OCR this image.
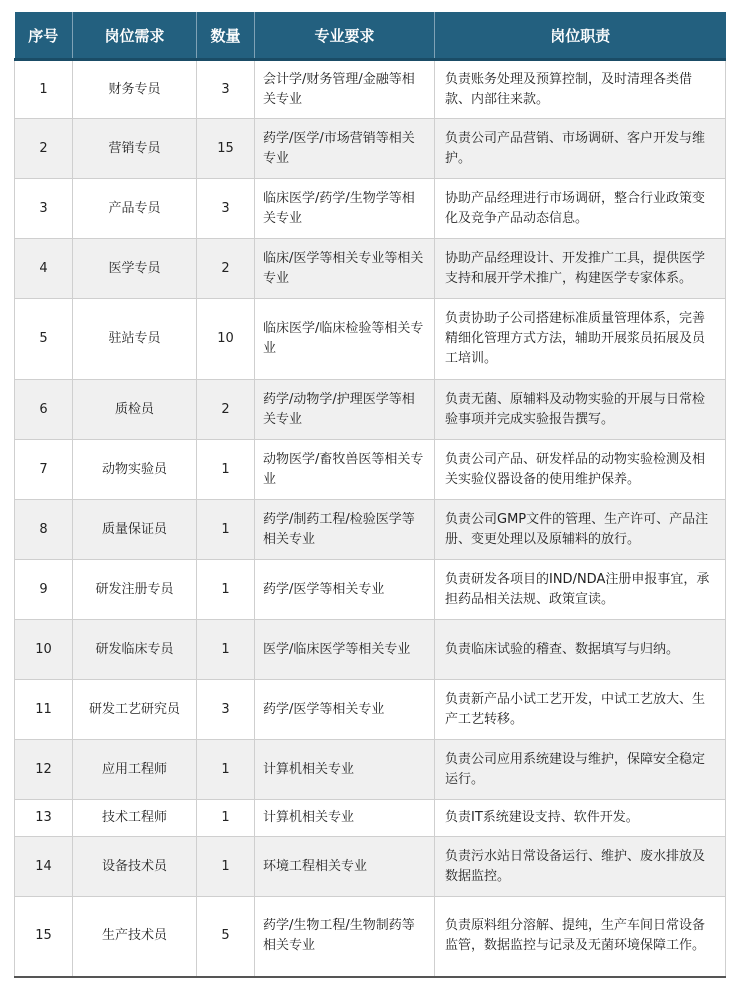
序号	岗位需求	数量	专业要求	岗位职责
1	财务专员	3	会计学/财务管理/金融等相关专业	负责账务处理及预算控制，及时清理各类借款、内部往来款。
2	营销专员	15	药学/医学/市场营销等相关专业	负责公司产品营销、市场调研、客户开发与维护。
3	产品专员	3	临床医学/药学/生物学等相关专业	协助产品经理进行市场调研，整合行业政策变化及竞争产品动态信息。
4	医学专员	2	临床/医学等相关专业等相关专业	协助产品经理设计、开发推广工具，提供医学支持和展开学术推广，构建医学专家体系。
5	驻站专员	10	临床医学/临床检验等相关专业	负责协助子公司搭建标准质量管理体系，完善精细化管理方式方法，辅助开展浆员拓展及员工培训。
6	质检员	2	药学/动物学/护理医学等相关专业	负责无菌、原辅料及动物实验的开展与日常检验事项并完成实验报告撰写。
7	动物实验员	1	动物医学/畜牧兽医等相关专业	负责公司产品、研发样品的动物实验检测及相关实验仪器设备的使用维护保养。
8	质量保证员	1	药学/制药工程/检验医学等相关专业	负责公司GMP文件的管理、生产许可、产品注册、变更处理以及原辅料的放行。
9	研发注册专员	1	药学/医学等相关专业	负责研发各项目的IND/NDA注册申报事宜，承担药品相关法规、政策宣读。
10	研发临床专员	1	医学/临床医学等相关专业	负责临床试验的稽查、数据填写与归纳。
11	研发工艺研究员	3	药学/医学等相关专业	负责新产品小试工艺开发，中试工艺放大、生产工艺转移。
12	应用工程师	1	计算机相关专业	负责公司应用系统建设与维护，保障安全稳定运行。
13	技术工程师	1	计算机相关专业	负责IT系统建设支持、软件开发。
14	设备技术员	1	环境工程相关专业	负责污水站日常设备运行、维护、废水排放及数据监控。
15	生产技术员	5	药学/生物工程/生物制药等相关专业	负责原料组分溶解、提纯，生产车间日常设备监管，数据监控与记录及无菌环境保障工作。
